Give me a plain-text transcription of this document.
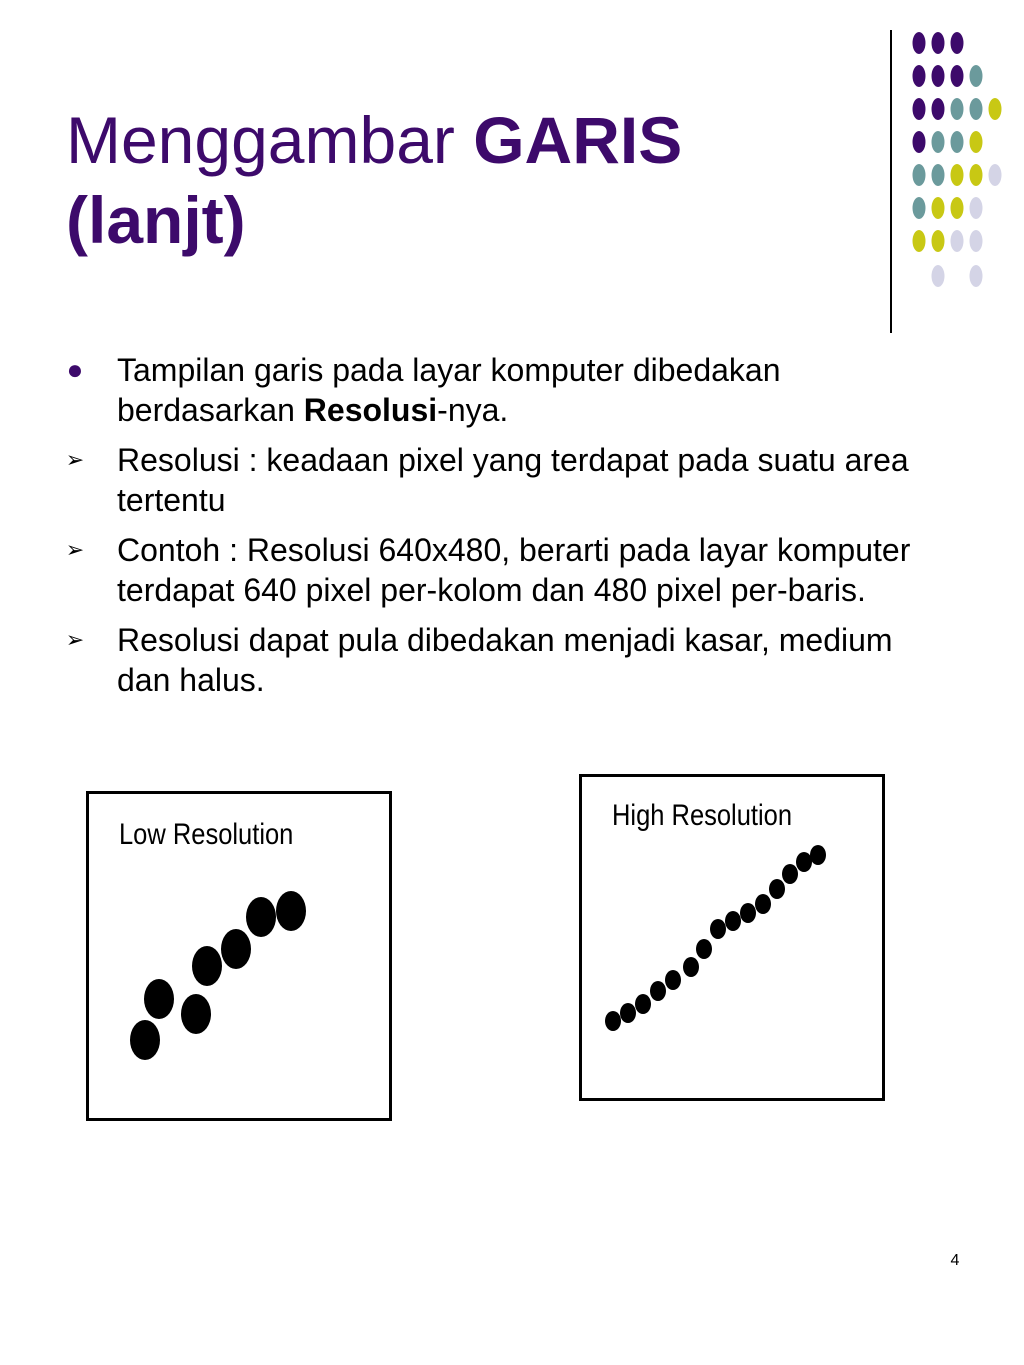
Menggambar GARIS
(lanjt)
● Tampilan garis pada layar komputer dibedakan berdasarkan Resolusi-nya.
➢ Resolusi : keadaan pixel yang terdapat pada suatu area tertentu
➢ Contoh : Resolusi 640x480, berarti pada layar komputer terdapat 640 pixel per-kolom dan 480 pixel per-baris.
➢ Resolusi dapat pula dibedakan menjadi kasar, medium dan halus.
Low Resolution
High Resolution
4
